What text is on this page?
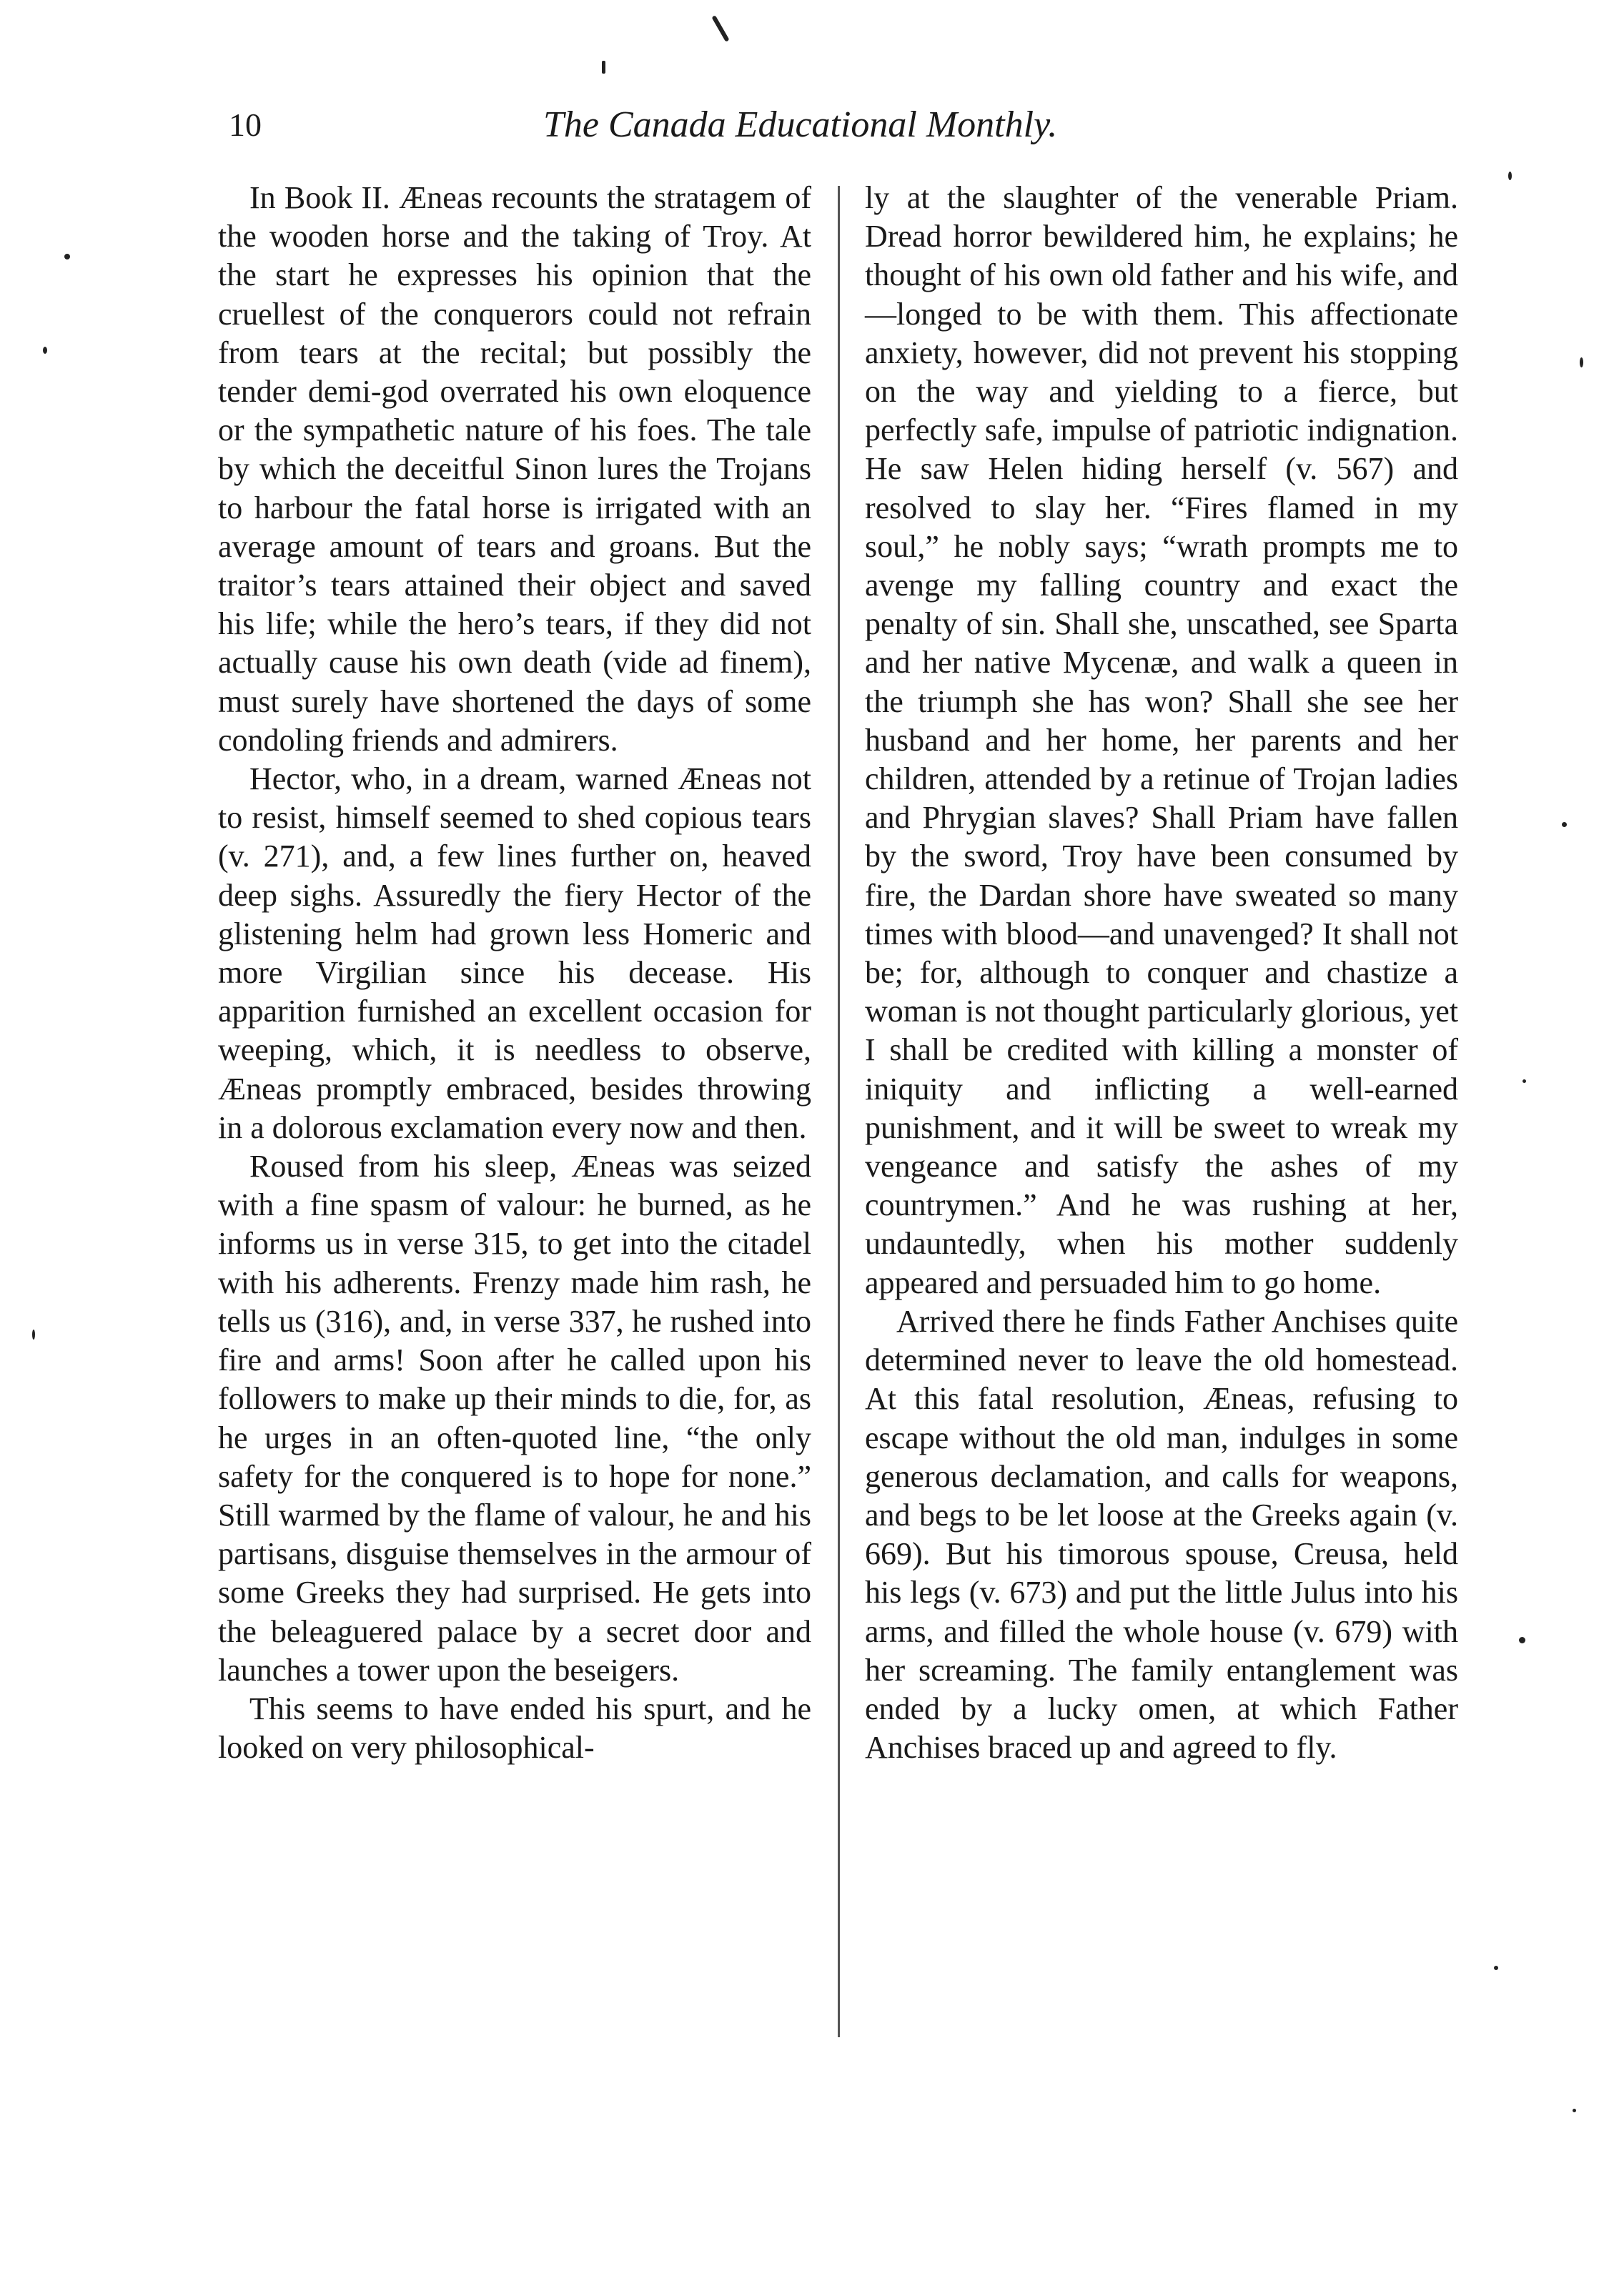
10	The Canada Educational Monthly.

In Book II. Æneas recounts the stratagem of the wooden horse and the taking of Troy. At the start he expresses his opinion that the cruellest of the conquerors could not refrain from tears at the recital; but possibly the tender demi-god overrated his own eloquence or the sympathetic nature of his foes. The tale by which the deceitful Sinon lures the Trojans to harbour the fatal horse is irrigated with an average amount of tears and groans. But the traitor’s tears attained their object and saved his life; while the hero’s tears, if they did not actually cause his own death (vide ad finem), must surely have shortened the days of some condoling friends and admirers.

Hector, who, in a dream, warned Æneas not to resist, himself seemed to shed copious tears (v. 271), and, a few lines further on, heaved deep sighs. Assuredly the fiery Hector of the glistening helm had grown less Homeric and more Virgilian since his decease. His apparition furnished an excellent occasion for weeping, which, it is needless to observe, Æneas promptly embraced, besides throwing in a dolorous exclamation every now and then.

Roused from his sleep, Æneas was seized with a fine spasm of valour: he burned, as he informs us in verse 315, to get into the citadel with his adherents. Frenzy made him rash, he tells us (316), and, in verse 337, he rushed into fire and arms! Soon after he called upon his followers to make up their minds to die, for, as he urges in an often-quoted line, “the only safety for the conquered is to hope for none.” Still warmed by the flame of valour, he and his partisans, disguise themselves in the armour of some Greeks they had surprised. He gets into the beleaguered palace by a secret door and launches a tower upon the beseigers.

This seems to have ended his spurt, and he looked on very philosophical-

ly at the slaughter of the venerable Priam. Dread horror bewildered him, he explains; he thought of his own old father and his wife, and—longed to be with them. This affectionate anxiety, however, did not prevent his stopping on the way and yielding to a fierce, but perfectly safe, impulse of patriotic indignation. He saw Helen hiding herself (v. 567) and resolved to slay her. “Fires flamed in my soul,” he nobly says; “wrath prompts me to avenge my falling country and exact the penalty of sin. Shall she, unscathed, see Sparta and her native Mycenæ, and walk a queen in the triumph she has won? Shall she see her husband and her home, her parents and her children, attended by a retinue of Trojan ladies and Phrygian slaves? Shall Priam have fallen by the sword, Troy have been consumed by fire, the Dardan shore have sweated so many times with blood—and unavenged? It shall not be; for, although to conquer and chastize a woman is not thought particularly glorious, yet I shall be credited with killing a monster of iniquity and inflicting a well-earned punishment, and it will be sweet to wreak my vengeance and satisfy the ashes of my countrymen.” And he was rushing at her, undauntedly, when his mother suddenly appeared and persuaded him to go home.

Arrived there he finds Father Anchises quite determined never to leave the old homestead. At this fatal resolution, Æneas, refusing to escape without the old man, indulges in some generous declamation, and calls for weapons, and begs to be let loose at the Greeks again (v. 669). But his timorous spouse, Creusa, held his legs (v. 673) and put the little Julus into his arms, and filled the whole house (v. 679) with her screaming. The family entanglement was ended by a lucky omen, at which Father Anchises braced up and agreed to fly.
